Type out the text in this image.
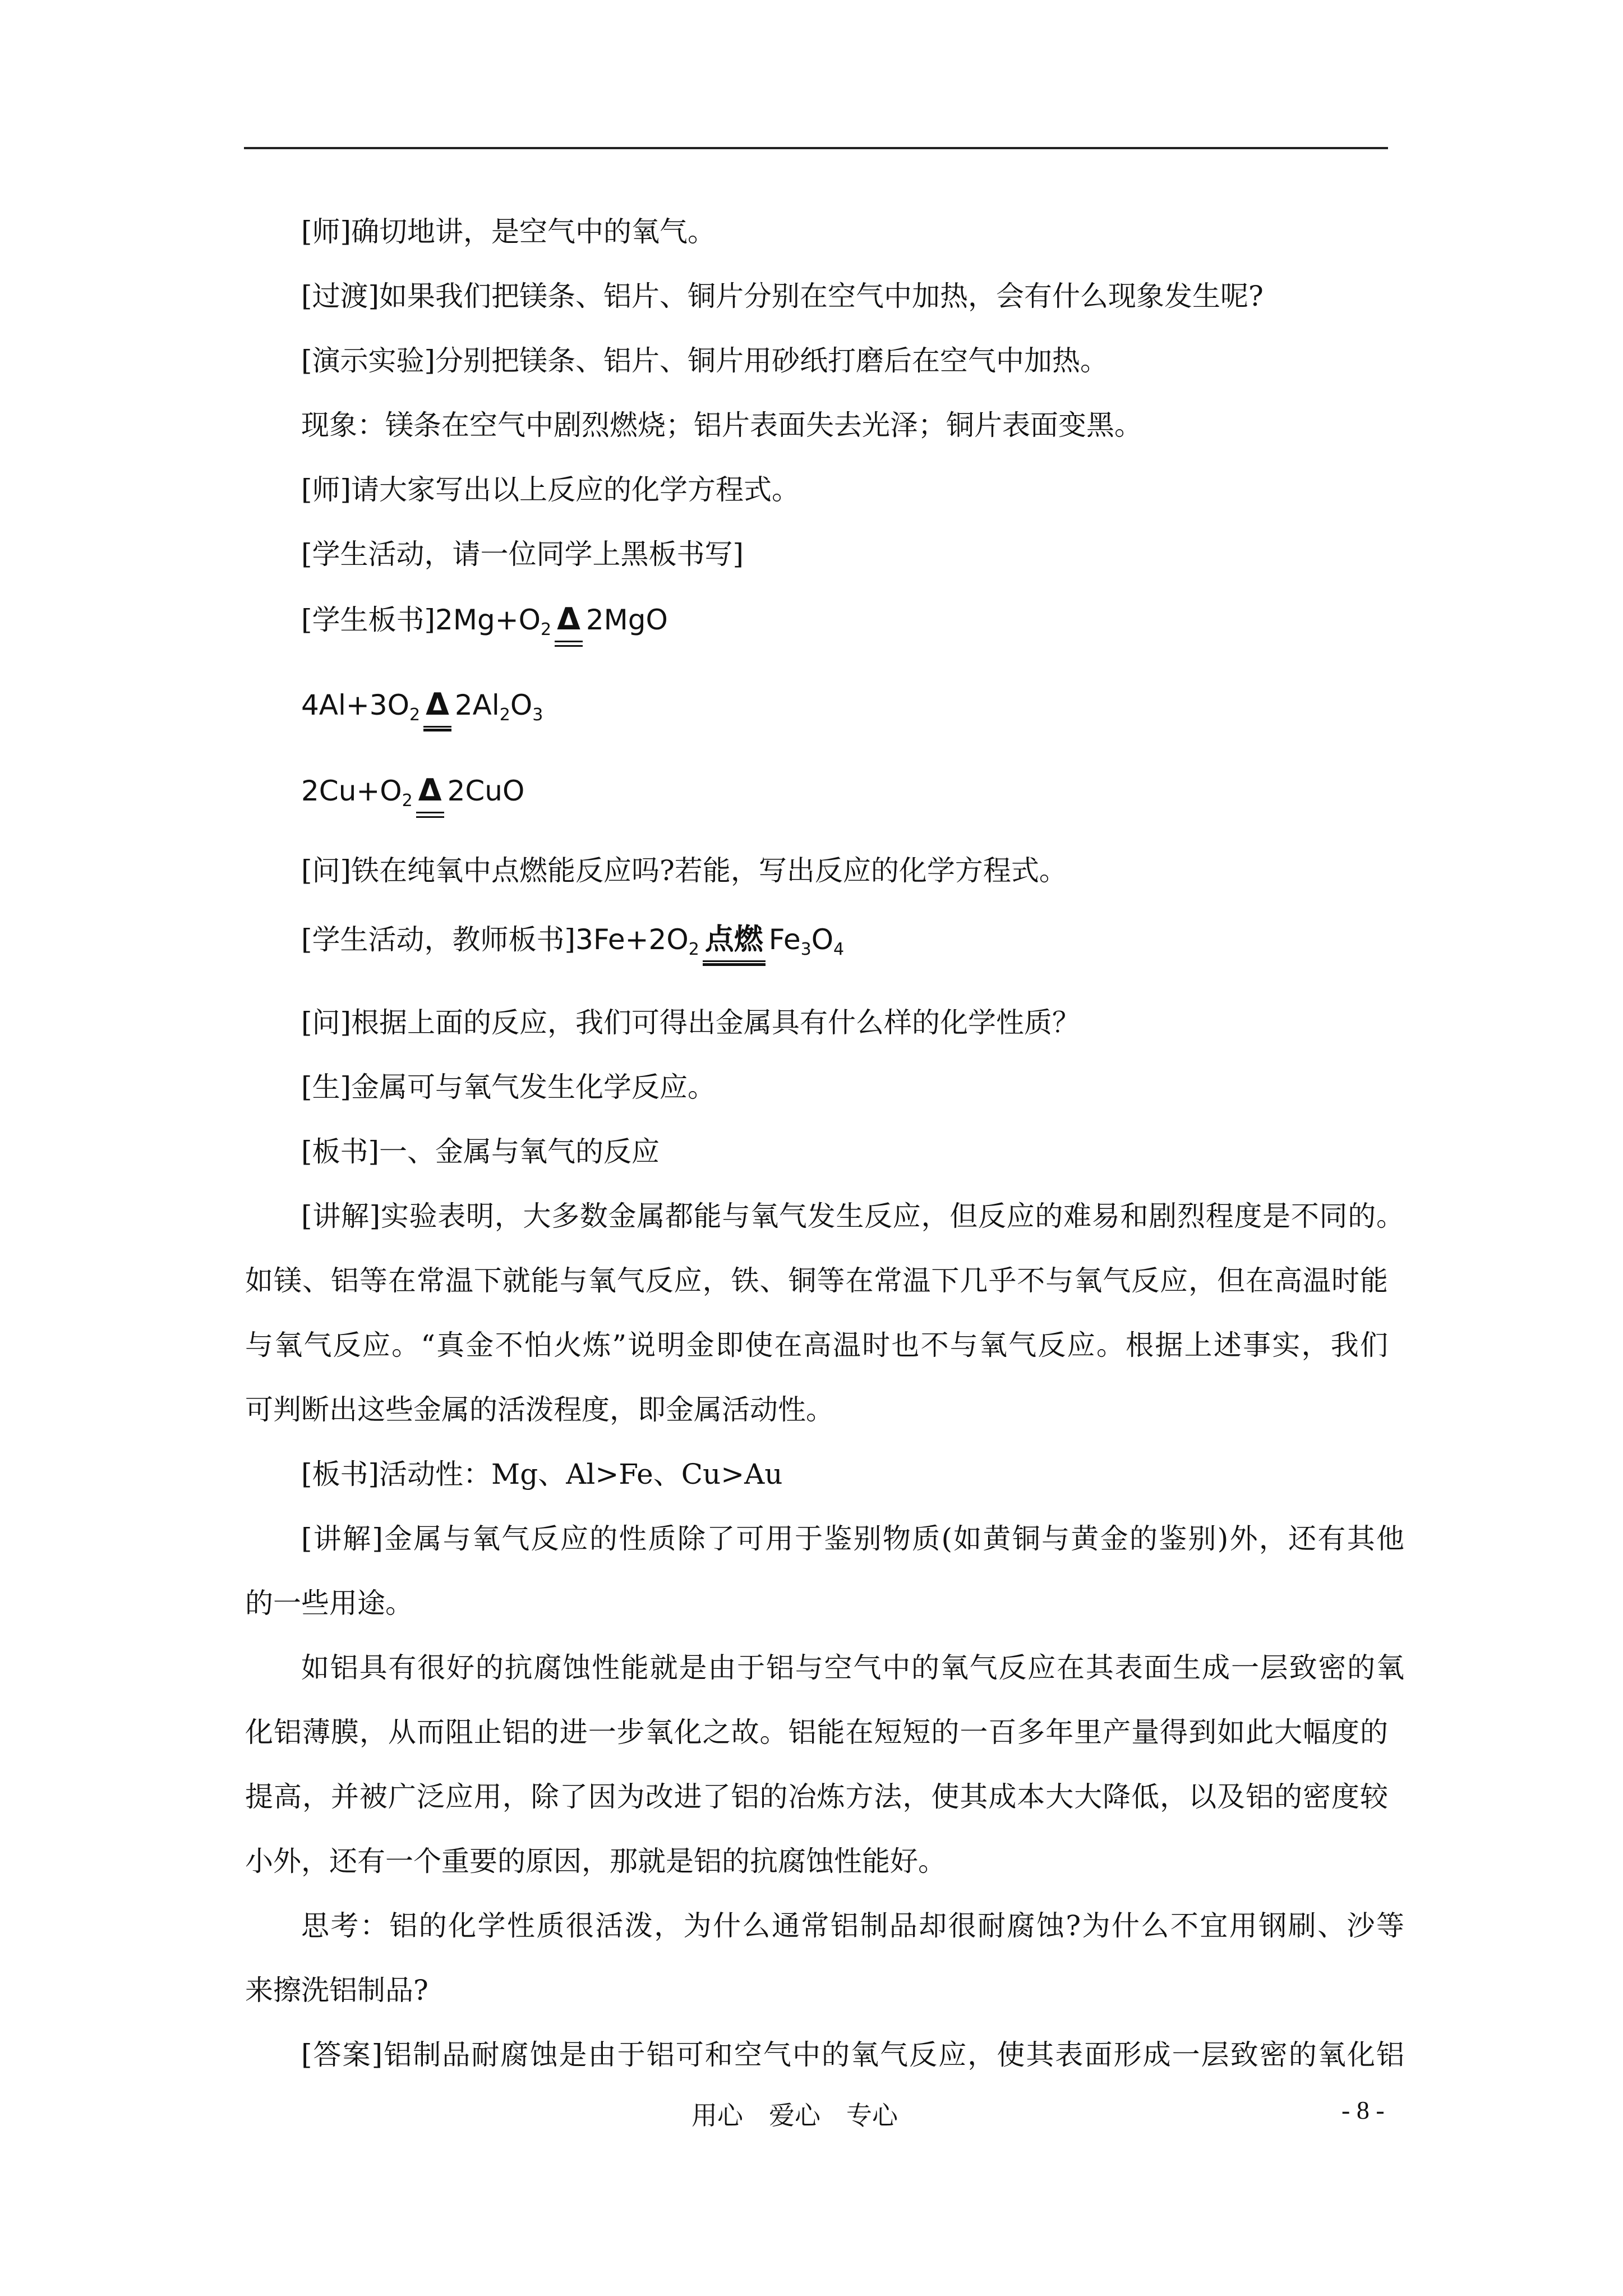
[师]确切地讲，是空气中的氧气。
[过渡]如果我们把镁条、铝片、铜片分别在空气中加热，会有什么现象发生呢?
[演示实验]分别把镁条、铝片、铜片用砂纸打磨后在空气中加热。
现象：镁条在空气中剧烈燃烧；铝片表面失去光泽；铜片表面变黑。
[师]请大家写出以上反应的化学方程式。
[学生活动，请一位同学上黑板书写]
[学生板书]$2Mg+O_2$ Δ 2MgO
$4Al+3O_2$ Δ $2Al_2O_3$
$2Cu+O_2$ Δ 2CuO
[问]铁在纯氧中点燃能反应吗?若能，写出反应的化学方程式。
[学生活动，教师板书]$3Fe+2O_2$ 点燃 $Fe_3O_4$
[问]根据上面的反应，我们可得出金属具有什么样的化学性质？
[生]金属可与氧气发生化学反应。
[板书]一、金属与氧气的反应
[讲解]实验表明，大多数金属都能与氧气发生反应，但反应的难易和剧烈程度是不同的。
如镁、铝等在常温下就能与氧气反应，铁、铜等在常温下几乎不与氧气反应，但在高温时能
与氧气反应。“真金不怕火炼”说明金即使在高温时也不与氧气反应。根据上述事实，我们
可判断出这些金属的活泼程度，即金属活动性。
[板书]活动性：Mg、Al>Fe、Cu>Au
[讲解]金属与氧气反应的性质除了可用于鉴别物质(如黄铜与黄金的鉴别)外，还有其他
的一些用途。
如铝具有很好的抗腐蚀性能就是由于铝与空气中的氧气反应在其表面生成一层致密的氧
化铝薄膜，从而阻止铝的进一步氧化之故。铝能在短短的一百多年里产量得到如此大幅度的
提高，并被广泛应用，除了因为改进了铝的冶炼方法，使其成本大大降低，以及铝的密度较
小外，还有一个重要的原因，那就是铝的抗腐蚀性能好。
思考：铝的化学性质很活泼，为什么通常铝制品却很耐腐蚀?为什么不宜用钢刷、沙等
来擦洗铝制品?
[答案]铝制品耐腐蚀是由于铝可和空气中的氧气反应，使其表面形成一层致密的氧化铝
用心　爱心　专心	- 8 -
